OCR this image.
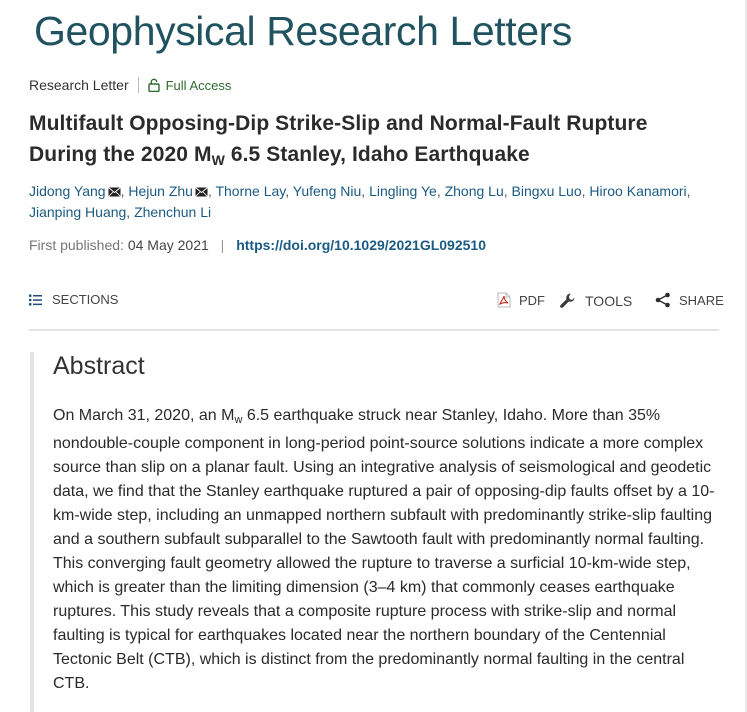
Geophysical Research Letters
Research Letter	Full Access
Multifault Opposing-Dip Strike-Slip and Normal-Fault Rupture During the 2020 $M_W$ 6.5 Stanley, Idaho Earthquake
Jidong Yang , Hejun Zhu , Thorne Lay, Yufeng Niu, Lingling Ye, Zhong Lu, Bingxu Luo, Hiroo Kanamori, Jianping Huang, Zhenchun Li
First published: 04 May 2021 | https://doi.org/10.1029/2021GL092510
SECTIONS	PDF	TOOLS	SHARE
Abstract
On March 31, 2020, an $M_w$ 6.5 earthquake struck near Stanley, Idaho. More than 35% nondouble-couple component in long-period point-source solutions indicate a more complex source than slip on a planar fault. Using an integrative analysis of seismological and geodetic data, we find that the Stanley earthquake ruptured a pair of opposing-dip faults offset by a 10-km-wide step, including an unmapped northern subfault with predominantly strike-slip faulting and a southern subfault subparallel to the Sawtooth fault with predominantly normal faulting. This converging fault geometry allowed the rupture to traverse a surficial 10-km-wide step, which is greater than the limiting dimension (3–4 km) that commonly ceases earthquake ruptures. This study reveals that a composite rupture process with strike-slip and normal faulting is typical for earthquakes located near the northern boundary of the Centennial Tectonic Belt (CTB), which is distinct from the predominantly normal faulting in the central CTB.
